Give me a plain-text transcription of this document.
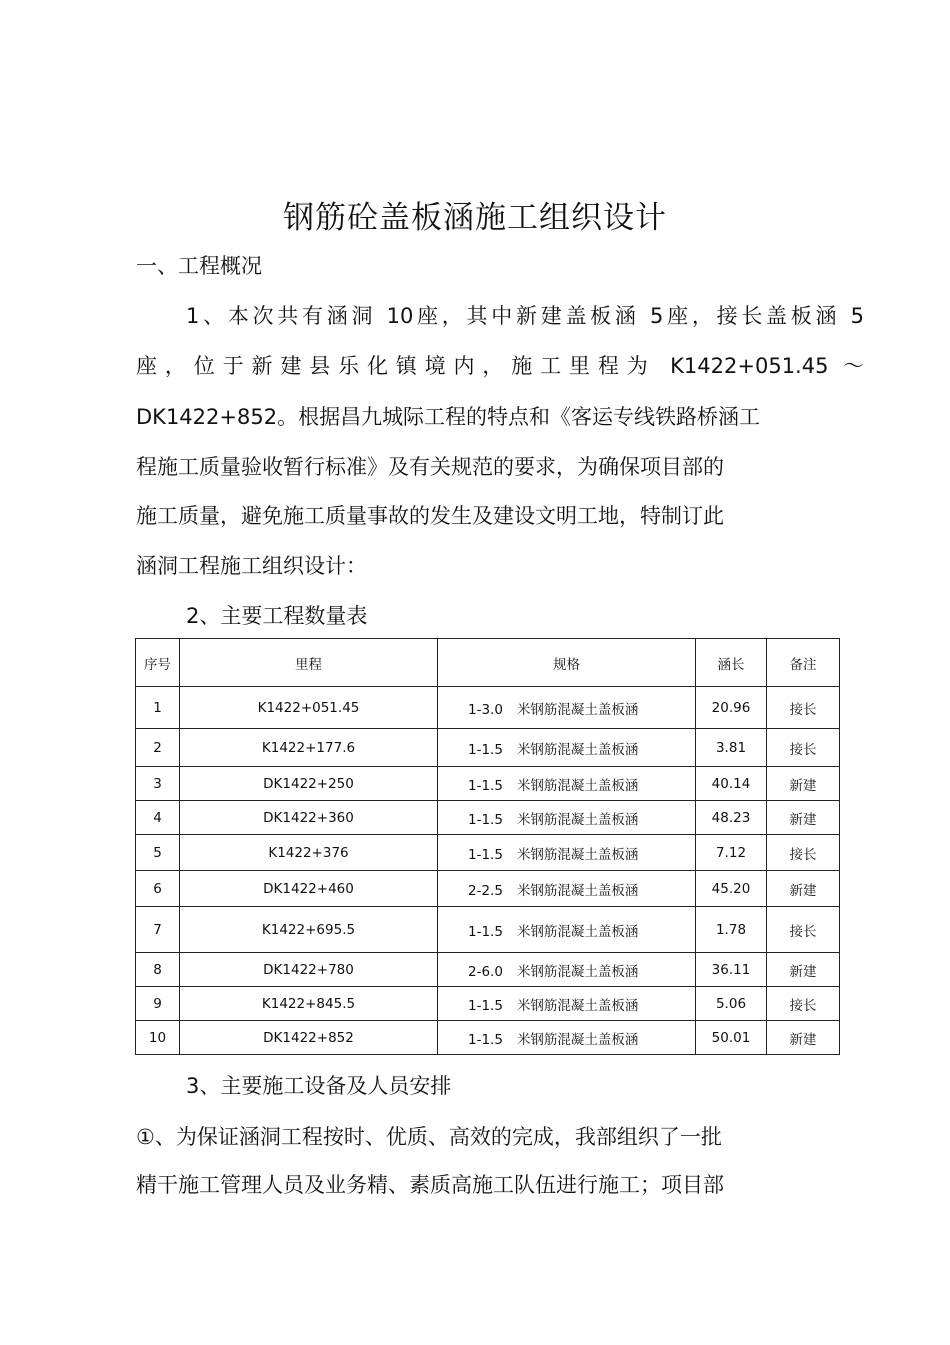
钢筋砼盖板涵施工组织设计
一、工程概况
1、本次共有涵洞 10座，其中新建盖板涵 5座，接长盖板涵 5
座，位于新建县乐化镇境内，施工里程为 K1422+051.45 ～
DK1422+852。根据昌九城际工程的特点和《客运专线铁路桥涵工
程施工质量验收暂行标准》及有关规范的要求，为确保项目部的
施工质量，避免施工质量事故的发生及建设文明工地，特制订此
涵洞工程施工组织设计：
2、主要工程数量表
序号	里程	规格	涵长	备注
1	K1422+051.45	1-3.0 米钢筋混凝土盖板涵	20.96	接长
2	K1422+177.6	1-1.5 米钢筋混凝土盖板涵	3.81	接长
3	DK1422+250	1-1.5 米钢筋混凝土盖板涵	40.14	新建
4	DK1422+360	1-1.5 米钢筋混凝土盖板涵	48.23	新建
5	K1422+376	1-1.5 米钢筋混凝土盖板涵	7.12	接长
6	DK1422+460	2-2.5 米钢筋混凝土盖板涵	45.20	新建
7	K1422+695.5	1-1.5 米钢筋混凝土盖板涵	1.78	接长
8	DK1422+780	2-6.0 米钢筋混凝土盖板涵	36.11	新建
9	K1422+845.5	1-1.5 米钢筋混凝土盖板涵	5.06	接长
10	DK1422+852	1-1.5 米钢筋混凝土盖板涵	50.01	新建
3、主要施工设备及人员安排
①、为保证涵洞工程按时、优质、高效的完成，我部组织了一批
精干施工管理人员及业务精、素质高施工队伍进行施工；项目部
